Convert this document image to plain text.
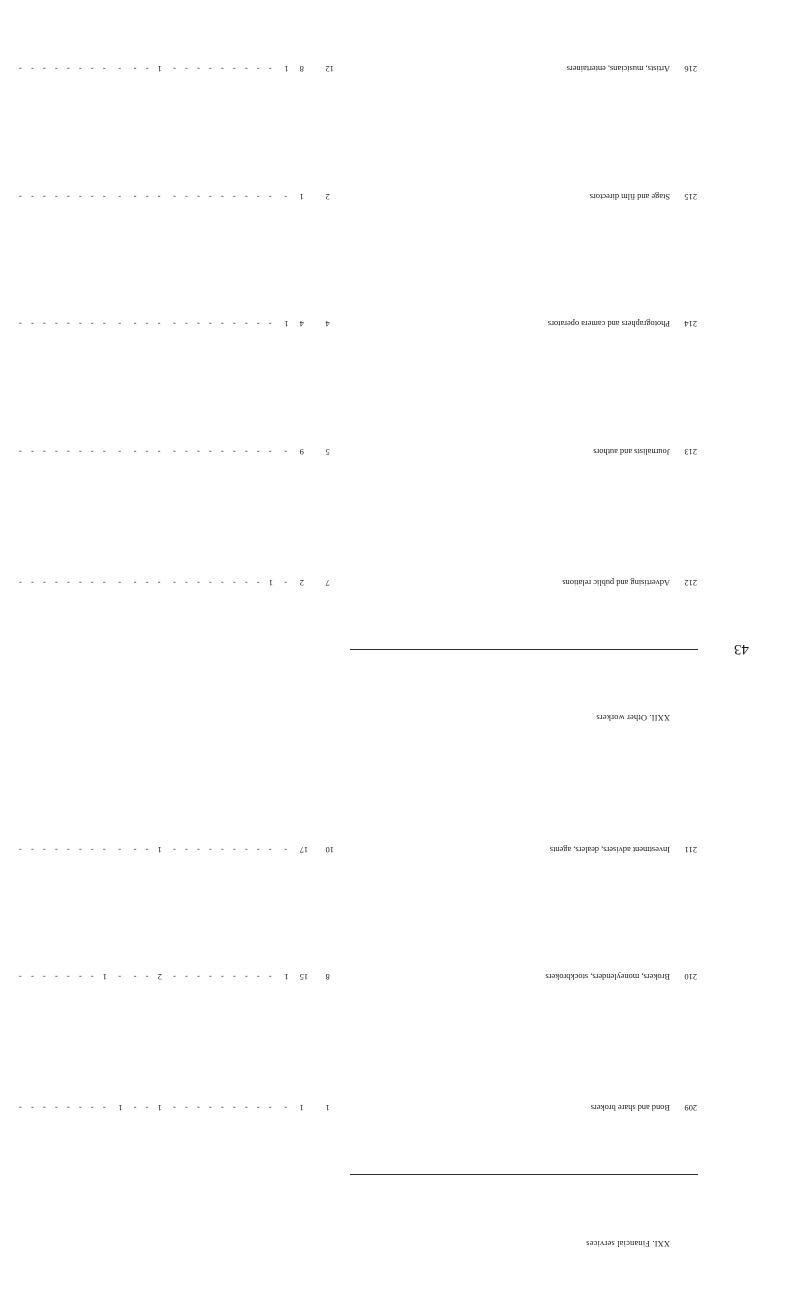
43
	XXI. Financial services																								
209	Bond and share brokers	1	1	-	-	-	-	-	-	-	-	-	-	1	-	-	1	-	-	-	-	-	-	-	-
210	Brokers, moneylenders, stockbrokers	8	15	1	-	-	-	-	-	-	-	-	-	2	-	-	-	1	-	-	-	-	-	-	-
211	Investment advisers, dealers, agents	10	17	-	-	-	-	-	-	-	-	-	-	1	-	-	-	-	-	-	-	-	-	-	-
	XXII. Other workers																								
212	Advertising and public relations	7	2	-	1	-	-	-	-	-	-	-	-	-	-	-	-	-	-	-	-	-	-	-	-
213	Journalists and authors	5	9	-	-	-	-	-	-	-	-	-	-	-	-	-	-	-	-	-	-	-	-	-	-
214	Photographers and camera operators	4	4	1	-	-	-	-	-	-	-	-	-	-	-	-	-	-	-	-	-	-	-	-	-
215	Stage and film directors	2	1	-	-	-	-	-	-	-	-	-	-	-	-	-	-	-	-	-	-	-	-	-	-
216	Artists, musicians, entertainers	12	8	1	-	-	-	-	-	-	-	-	-	1	-	-	-	-	-	-	-	-	-	-	-
